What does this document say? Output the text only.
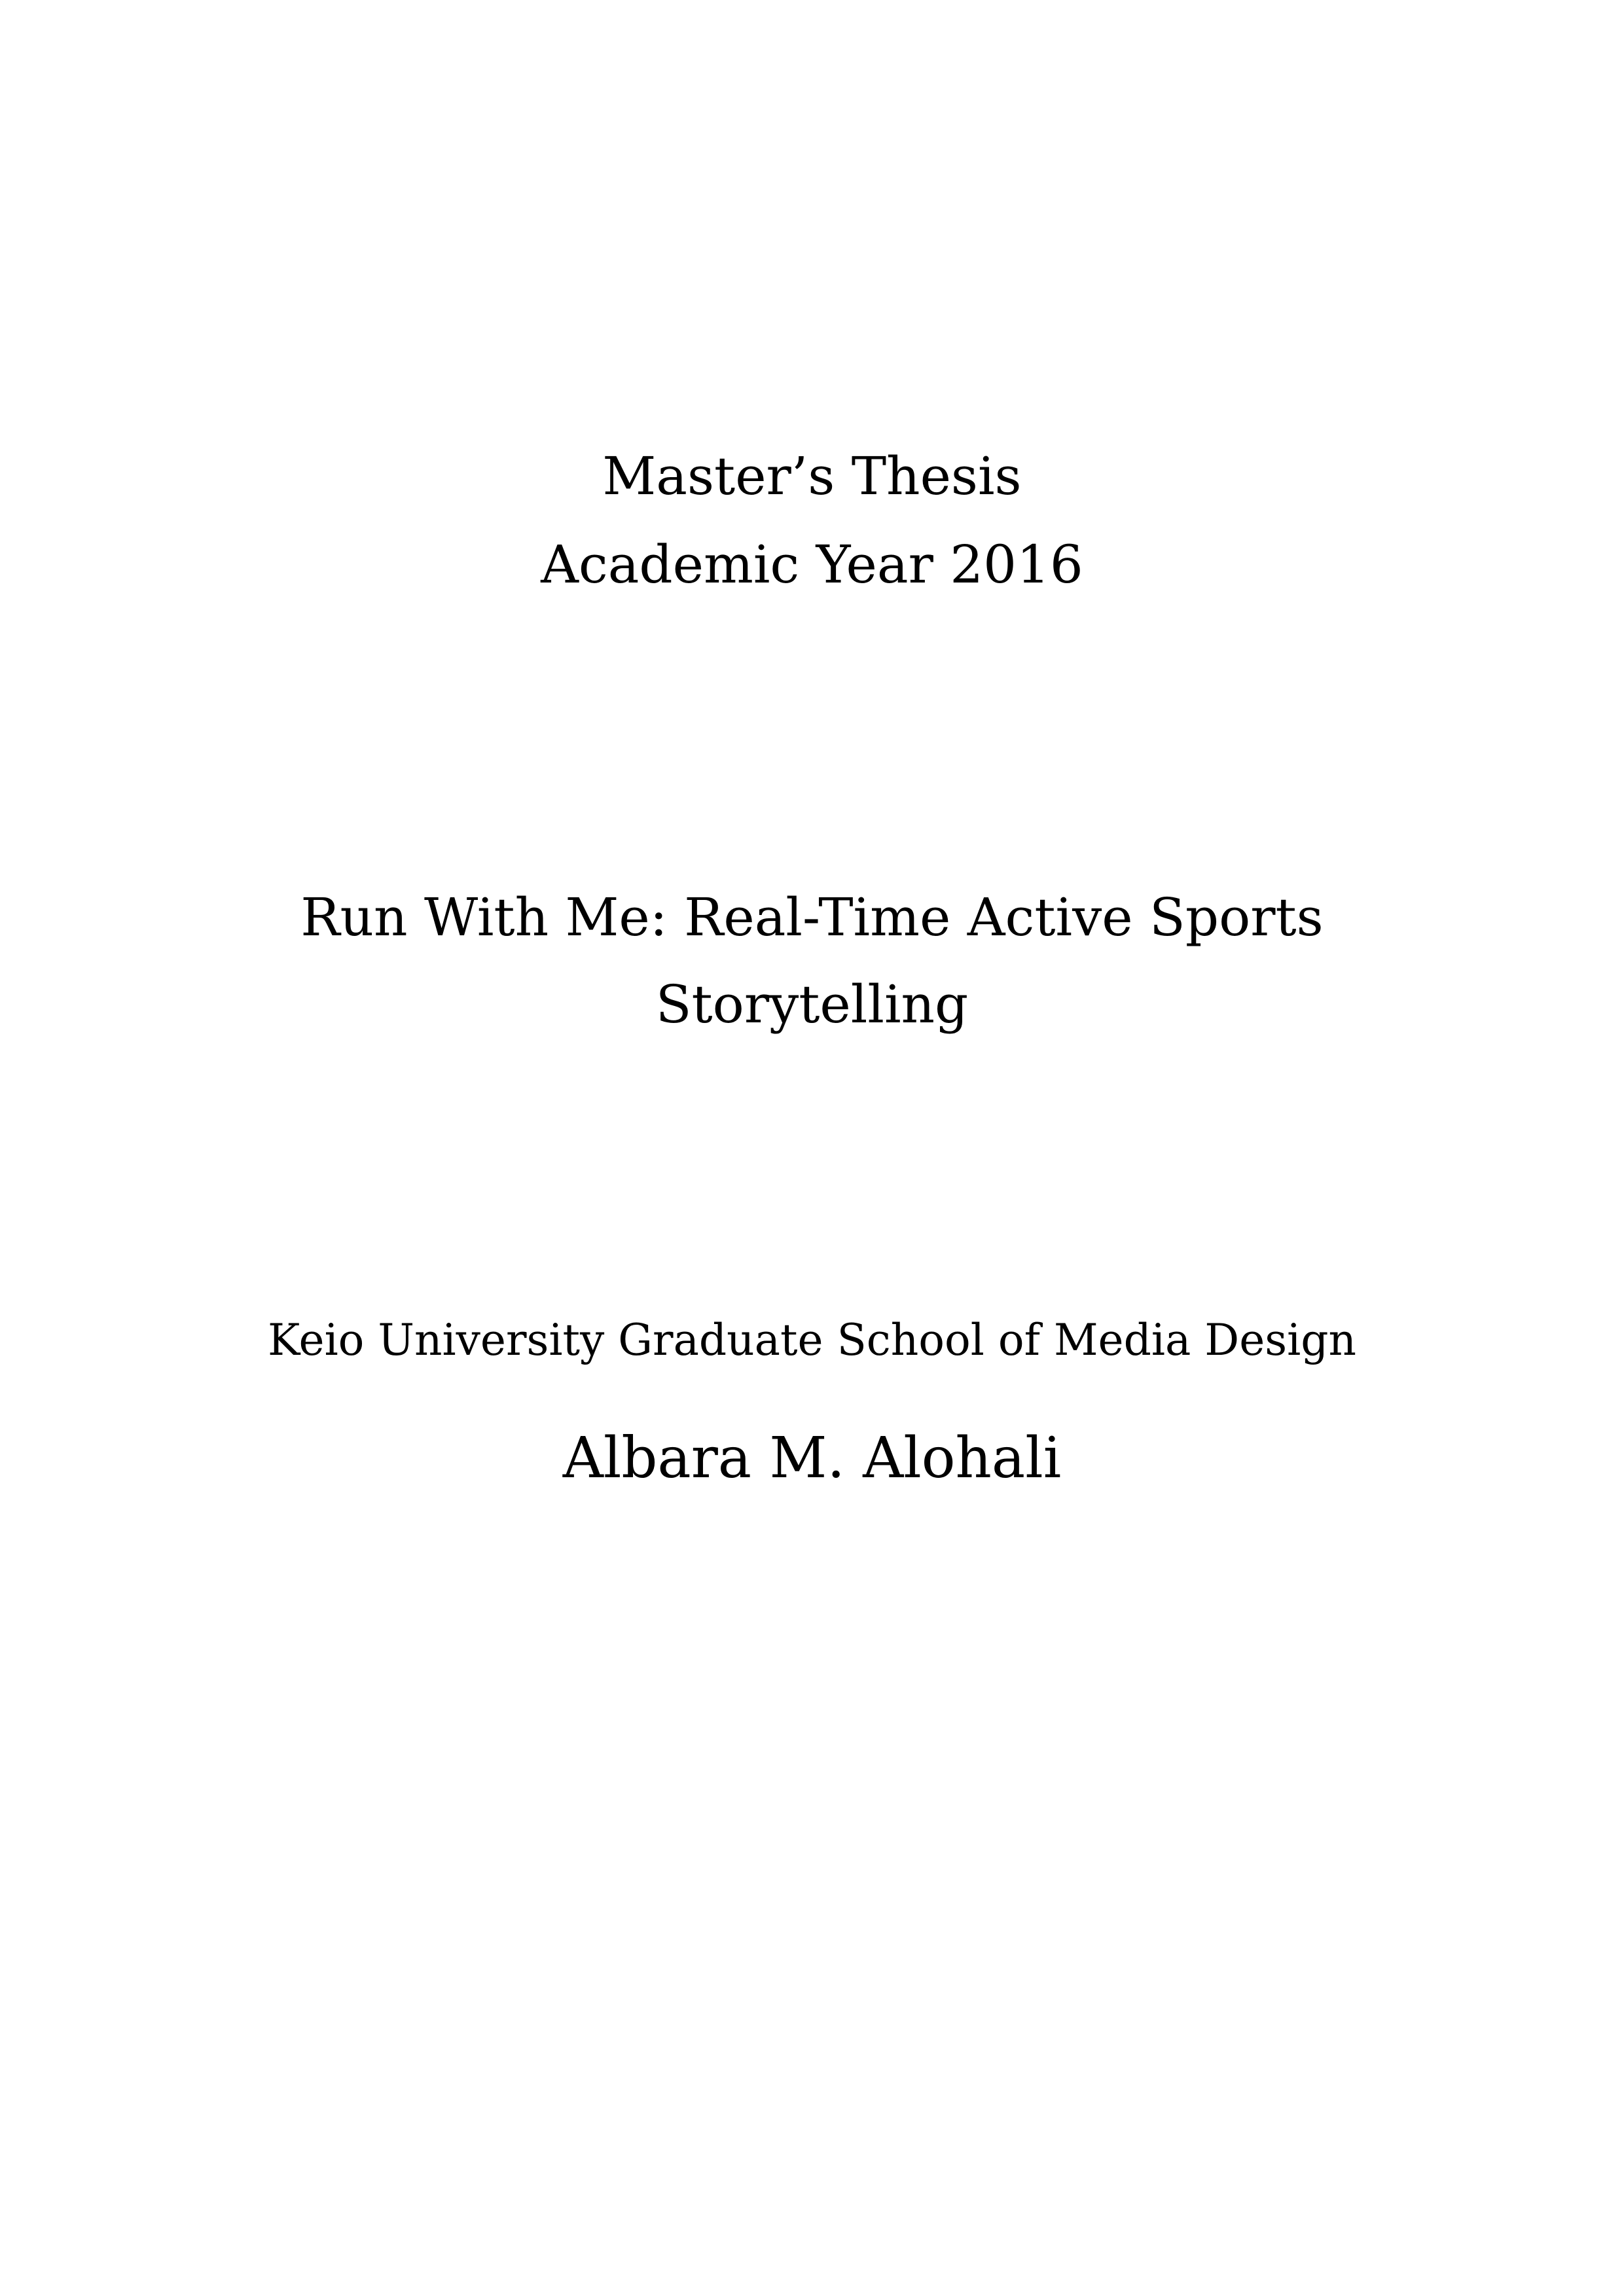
Master’s Thesis
Academic Year 2016
Run With Me: Real-Time Active Sports
Storytelling
Keio University Graduate School of Media Design
Albara M. Alohali
